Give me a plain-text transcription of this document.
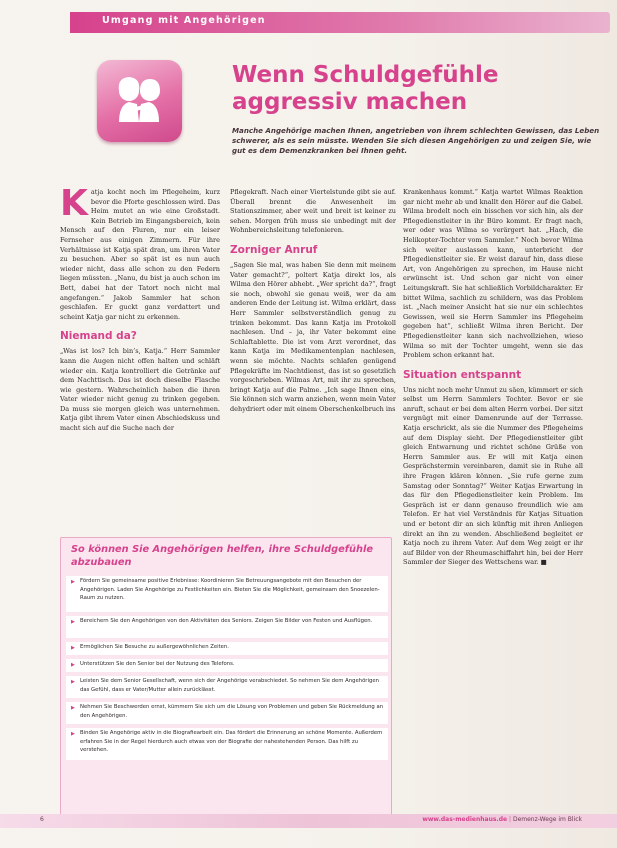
Umgang mit Angehörigen
Wenn Schuldgefühle
aggressiv machen
Manche Angehörige machen Ihnen, angetrieben von ihrem schlechten Gewissen, das Leben schwerer, als es sein müsste. Wenden Sie sich diesen Angehörigen zu und zeigen Sie, wie gut es dem Demenzkranken bei Ihnen geht.

Katja kocht noch im Pflegeheim, kurz bevor die Pforte geschlossen wird. Das Heim mutet an wie eine Großstadt. Kein Betrieb im Eingangsbereich, kein Mensch auf den Fluren, nur ein leiser Fernseher aus einigen Zimmern. Für ihre Verhältnisse ist Katja spät dran, um ihren Vater zu besuchen. Aber so spät ist es nun auch wieder nicht, dass alle schon zu den Federn liegen müssten. „Nanu, du bist ja auch schon im Bett, dabei hat der Tatort noch nicht mal angefangen.“ Jakob Sammler hat schon geschlafen. Er guckt ganz verdattert und scheint Katja gar nicht zu erkennen.

Niemand da?

„Was ist los? Ich bin’s, Katja.“ Herr Sammler kann die Augen nicht offen halten und schläft wieder ein. Katja kontrolliert die Getränke auf dem Nachttisch. Das ist doch dieselbe Flasche wie gestern. Wahrscheinlich haben die ihren Vater wieder nicht genug zu trinken gegeben. Da muss sie morgen gleich was unternehmen. Katja gibt ihrem Vater einen Abschiedskuss und macht sich auf die Suche nach der

Pflegekraft. Nach einer Viertelstunde gibt sie auf. Überall brennt die Anwesenheit im Stationszimmer, aber weit und breit ist keiner zu sehen. Morgen früh muss sie unbedingt mit der Wohnbereichsleitung telefonieren.

Zorniger Anruf

„Sagen Sie mal, was haben Sie denn mit meinem Vater gemacht?“, poltert Katja direkt los, als Wilma den Hörer abhebt. „Wer spricht da?“, fragt sie noch, obwohl sie genau weiß, wer da am anderen Ende der Leitung ist. Wilma erklärt, dass Herr Sammler selbstverständlich genug zu trinken bekommt. Das kann Katja im Protokoll nachlesen. Und – ja, ihr Vater bekommt eine Schlaftablette. Die ist vom Arzt verordnet, das kann Katja im Medikamentenplan nachlesen, wenn sie möchte. Nachts schlafen genügend Pflegekräfte im Nachtdienst, das ist so gesetzlich vorgeschrieben. Wilmas Art, mit ihr zu sprechen, bringt Katja auf die Palme. „Ich sage Ihnen eins, Sie können sich warm anziehen, wenn mein Vater dehydriert oder mit einem Oberschenkelbruch ins

Krankenhaus kommt.“ Katja wartet Wilmas Reaktion gar nicht mehr ab und knallt den Hörer auf die Gabel. Wilma brodelt noch ein bisschen vor sich hin, als der Pflegedienstleiter in ihr Büro kommt. Er fragt nach, wer oder was Wilma so verärgert hat. „Hach, die Helikopter-Tochter vom Sammler.“ Noch bevor Wilma sich weiter auslassen kann, unterbricht der Pflegedienstleiter sie. Er weist darauf hin, dass diese Art, von Angehörigen zu sprechen, im Hause nicht erwünscht ist. Und schon gar nicht von einer Leitungskraft. Sie hat schließlich Vorbildcharakter. Er bittet Wilma, sachlich zu schildern, was das Problem ist. „Nach meiner Ansicht hat sie nur ein schlechtes Gewissen, weil sie Herrn Sammler ins Pflegeheim gegeben hat“, schließt Wilma ihren Bericht. Der Pflegedienstleiter kann sich nachvollziehen, wieso Wilma so mit der Tochter umgeht, wenn sie das Problem schon erkannt hat.

Situation entspannt

Uns nicht noch mehr Unmut zu säen, kümmert er sich selbst um Herrn Sammlers Tochter. Bevor er sie anruft, schaut er bei dem alten Herrn vorbei. Der sitzt vergnügt mit einer Damenrunde auf der Terrasse. Katja erschrickt, als sie die Nummer des Pflegeheims auf dem Display sieht. Der Pflegedienstleiter gibt gleich Entwarnung und richtet schöne Grüße von Herrn Sammler aus. Er will mit Katja einen Gesprächstermin vereinbaren, damit sie in Ruhe all ihre Fragen klären können. „Sie rufe gerne zum Samstag oder Sonntag?“ Weiter Katjas Erwartung in das für den Pflegedienstleiter kein Problem. Im Gespräch ist er dann genauso freundlich wie am Telefon. Er hat viel Verständnis für Katjas Situation und er betont dir an sich künftig mit ihren Anliegen direkt an ihn zu wenden. Abschließend begleitet er Katja noch zu ihrem Vater. Auf dem Weg zeigt er ihr auf Bilder von der Rheumaschiffahrt hin, bei der Herr Sammler der Sieger des Wettschens war. ■

So können Sie Angehörigen helfen, ihre Schuldgefühle abzubauen
▶ Fördern Sie gemeinsame positive Erlebnisse: Koordinieren Sie Betreuungsangebote mit den Besuchen der Angehörigen. Laden Sie Angehörige zu Festlichkeiten ein. Bieten Sie die Möglichkeit, gemeinsam den Snoezelen-Raum zu nutzen.
▶ Bereichern Sie den Angehörigen von den Aktivitäten des Seniors. Zeigen Sie Bilder von Festen und Ausflügen.
▶ Ermöglichen Sie Besuche zu außergewöhnlichen Zeiten.
▶ Unterstützen Sie den Senior bei der Nutzung des Telefons.
▶ Leisten Sie dem Senior Gesellschaft, wenn sich der Angehörige verabschiedet. So nehmen Sie dem Angehörigen das Gefühl, dass er Vater/Mutter allein zurücklässt.
▶ Nehmen Sie Beschwerden ernst, kümmern Sie sich um die Lösung von Problemen und geben Sie Rückmeldung an den Angehörigen.
▶ Binden Sie Angehörige aktiv in die Biografiearbeit ein. Das fördert die Erinnerung an schöne Momente. Außerdem erfahren Sie in der Regel hierdurch auch etwas von der Biografie der nahestehenden Person. Das hilft zu verstehen.
6	www.das-medienhaus.de | Demenz-Wege im Blick
